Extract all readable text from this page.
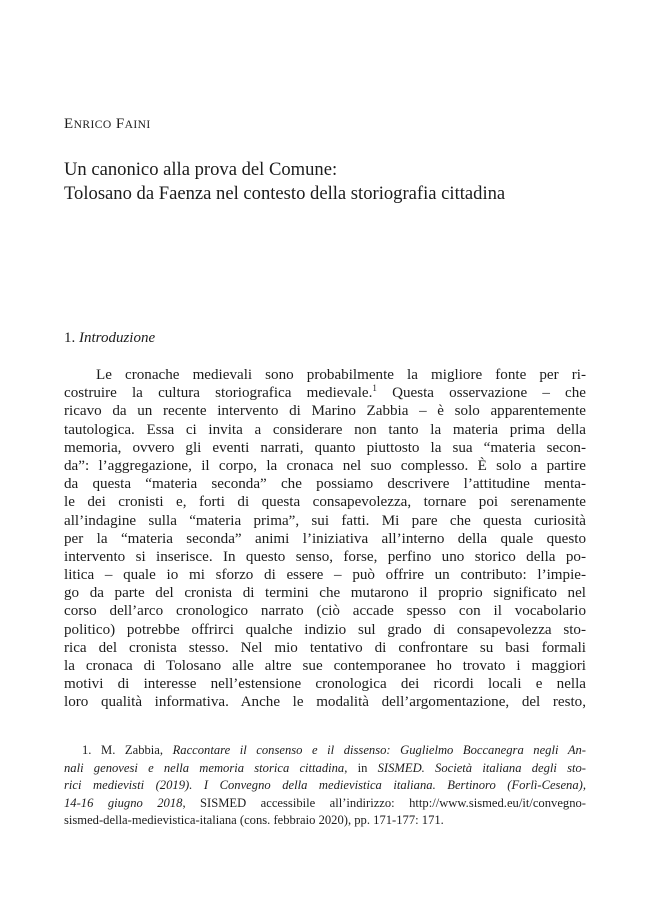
ENRICO FAINI
Un canonico alla prova del Comune:
Tolosano da Faenza nel contesto della storiografia cittadina
1. Introduzione
Le cronache medievali sono probabilmente la migliore fonte per ri-
costruire la cultura storiografica medievale.$^1$ Questa osservazione – che
ricavo da un recente intervento di Marino Zabbia – è solo apparentemente
tautologica. Essa ci invita a considerare non tanto la materia prima della
memoria, ovvero gli eventi narrati, quanto piuttosto la sua “materia secon-
da”: l’aggregazione, il corpo, la cronaca nel suo complesso. È solo a partire
da questa “materia seconda” che possiamo descrivere l’attitudine menta-
le dei cronisti e, forti di questa consapevolezza, tornare poi serenamente
all’indagine sulla “materia prima”, sui fatti. Mi pare che questa curiosità
per la “materia seconda” animi l’iniziativa all’interno della quale questo
intervento si inserisce. In questo senso, forse, perfino uno storico della po-
litica – quale io mi sforzo di essere – può offrire un contributo: l’impie-
go da parte del cronista di termini che mutarono il proprio significato nel
corso dell’arco cronologico narrato (ciò accade spesso con il vocabolario
politico) potrebbe offrirci qualche indizio sul grado di consapevolezza sto-
rica del cronista stesso. Nel mio tentativo di confrontare su basi formali
la cronaca di Tolosano alle altre sue contemporanee ho trovato i maggiori
motivi di interesse nell’estensione cronologica dei ricordi locali e nella
loro qualità informativa. Anche le modalità dell’argomentazione, del resto,
1. M. Zabbia, Raccontare il consenso e il dissenso: Guglielmo Boccanegra negli An-
nali genovesi e nella memoria storica cittadina, in SISMED. Società italiana degli sto-
rici medievisti (2019). I Convegno della medievistica italiana. Bertinoro (Forlì-Cesena),
14-16 giugno 2018, SISMED accessibile all’indirizzo: http://www.sismed.eu/it/convegno-
sismed-della-medievistica-italiana (cons. febbraio 2020), pp. 171-177: 171.
